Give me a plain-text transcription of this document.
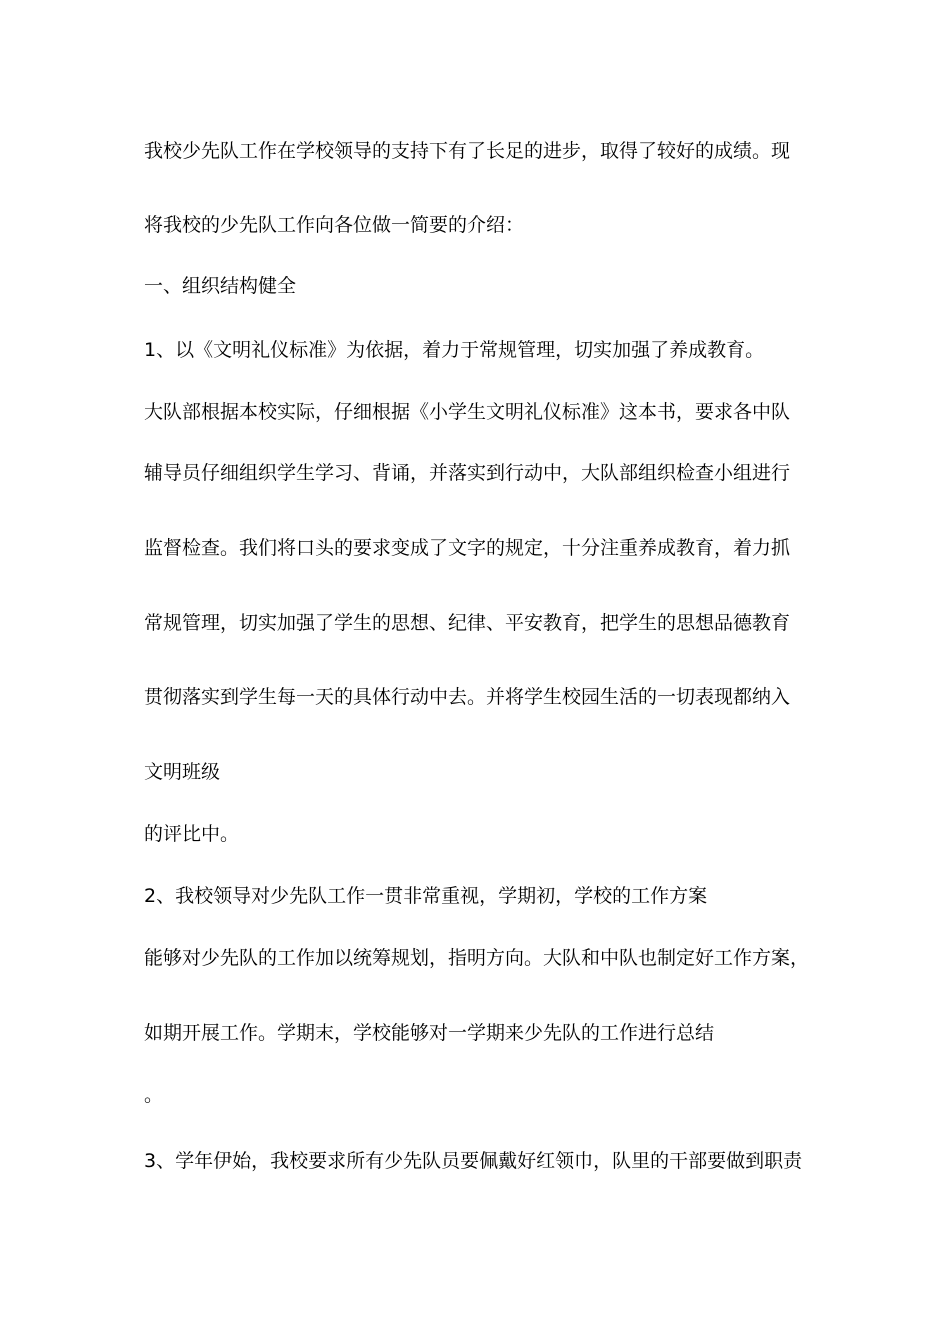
我校少先队工作在学校领导的支持下有了长足的进步，取得了较好的成绩。现
将我校的少先队工作向各位做一简要的介绍：
一、组织结构健全
1、以《文明礼仪标准》为依据，着力于常规管理，切实加强了养成教育。
大队部根据本校实际，仔细根据《小学生文明礼仪标准》这本书，要求各中队
辅导员仔细组织学生学习、背诵，并落实到行动中，大队部组织检查小组进行
监督检查。我们将口头的要求变成了文字的规定，十分注重养成教育，着力抓
常规管理，切实加强了学生的思想、纪律、平安教育，把学生的思想品德教育
贯彻落实到学生每一天的具体行动中去。并将学生校园生活的一切表现都纳入
文明班级
的评比中。
2、我校领导对少先队工作一贯非常重视，学期初，学校的工作方案
能够对少先队的工作加以统筹规划，指明方向。大队和中队也制定好工作方案，
如期开展工作。学期末，学校能够对一学期来少先队的工作进行总结
。
3、学年伊始，我校要求所有少先队员要佩戴好红领巾，队里的干部要做到职责
